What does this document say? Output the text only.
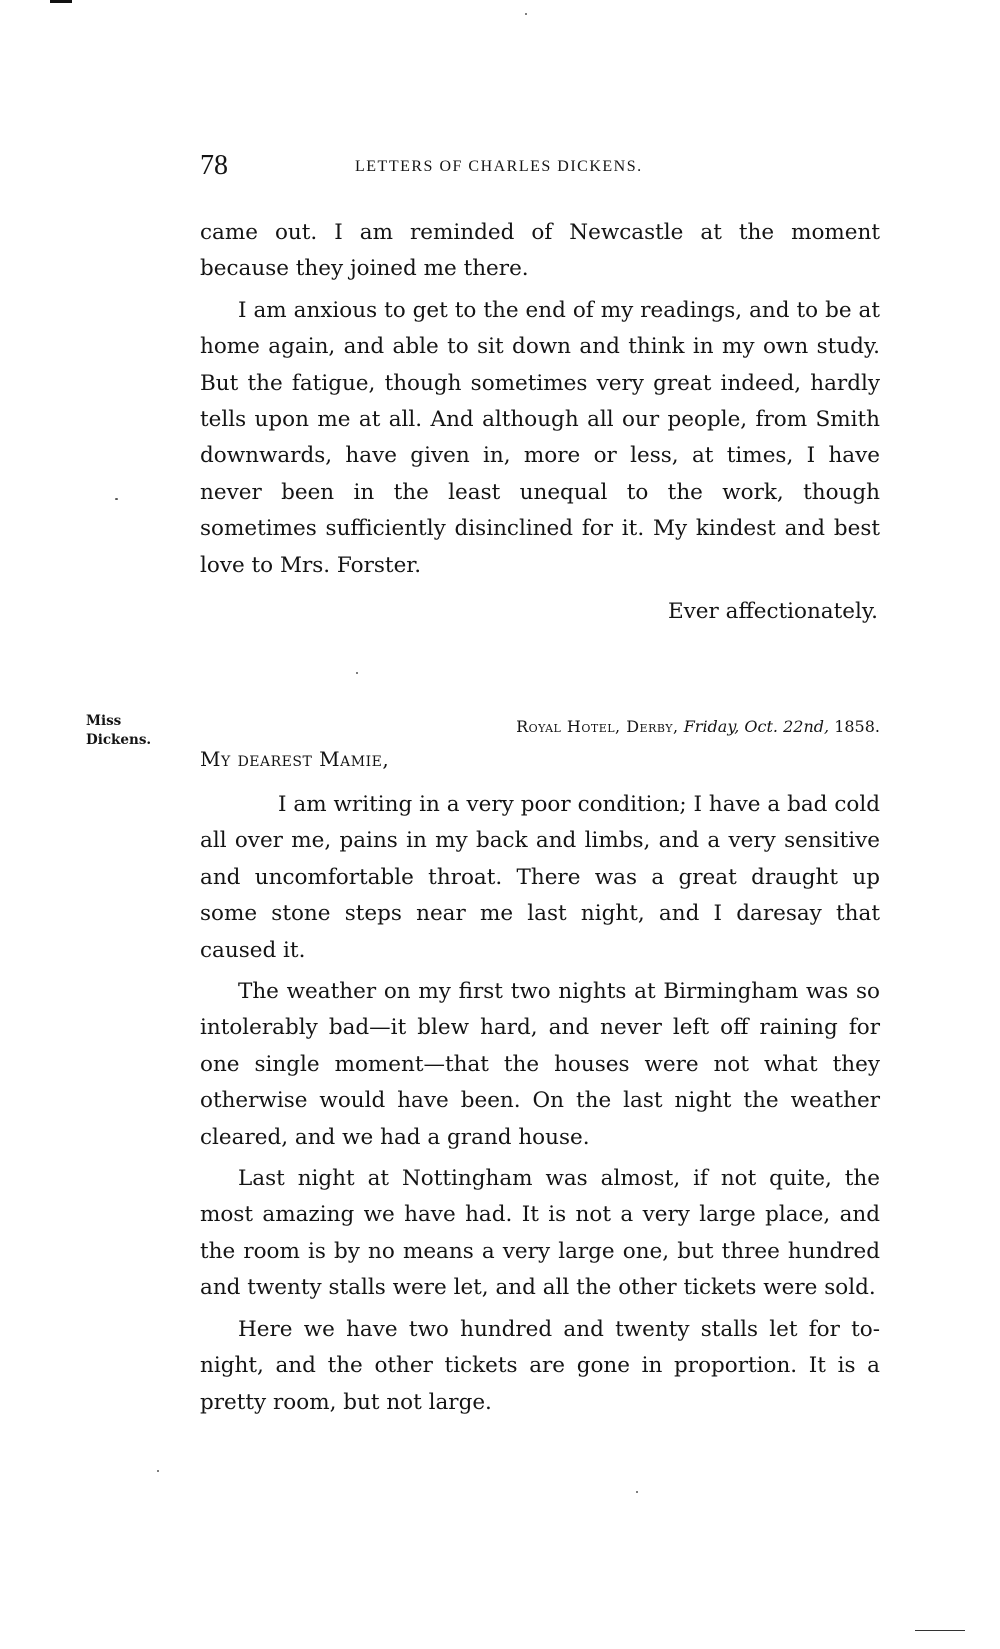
78	LETTERS OF CHARLES DICKENS.

came out. I am reminded of Newcastle at the moment because they joined me there.

I am anxious to get to the end of my readings, and to be at home again, and able to sit down and think in my own study. But the fatigue, though sometimes very great indeed, hardly tells upon me at all. And although all our people, from Smith downwards, have given in, more or less, at times, I have never been in the least unequal to the work, though sometimes sufficiently disinclined for it. My kindest and best love to Mrs. Forster.

Ever affectionately.
Miss
Dickens.
Royal Hotel, Derby, Friday, Oct. 22nd, 1858.
My dearest Mamie,

I am writing in a very poor condition; I have a bad cold all over me, pains in my back and limbs, and a very sensitive and uncomfortable throat. There was a great draught up some stone steps near me last night, and I daresay that caused it.

The weather on my first two nights at Birmingham was so intolerably bad—it blew hard, and never left off raining for one single moment—that the houses were not what they otherwise would have been. On the last night the weather cleared, and we had a grand house.

Last night at Nottingham was almost, if not quite, the most amazing we have had. It is not a very large place, and the room is by no means a very large one, but three hundred and twenty stalls were let, and all the other tickets were sold.

Here we have two hundred and twenty stalls let for to-night, and the other tickets are gone in proportion. It is a pretty room, but not large.
